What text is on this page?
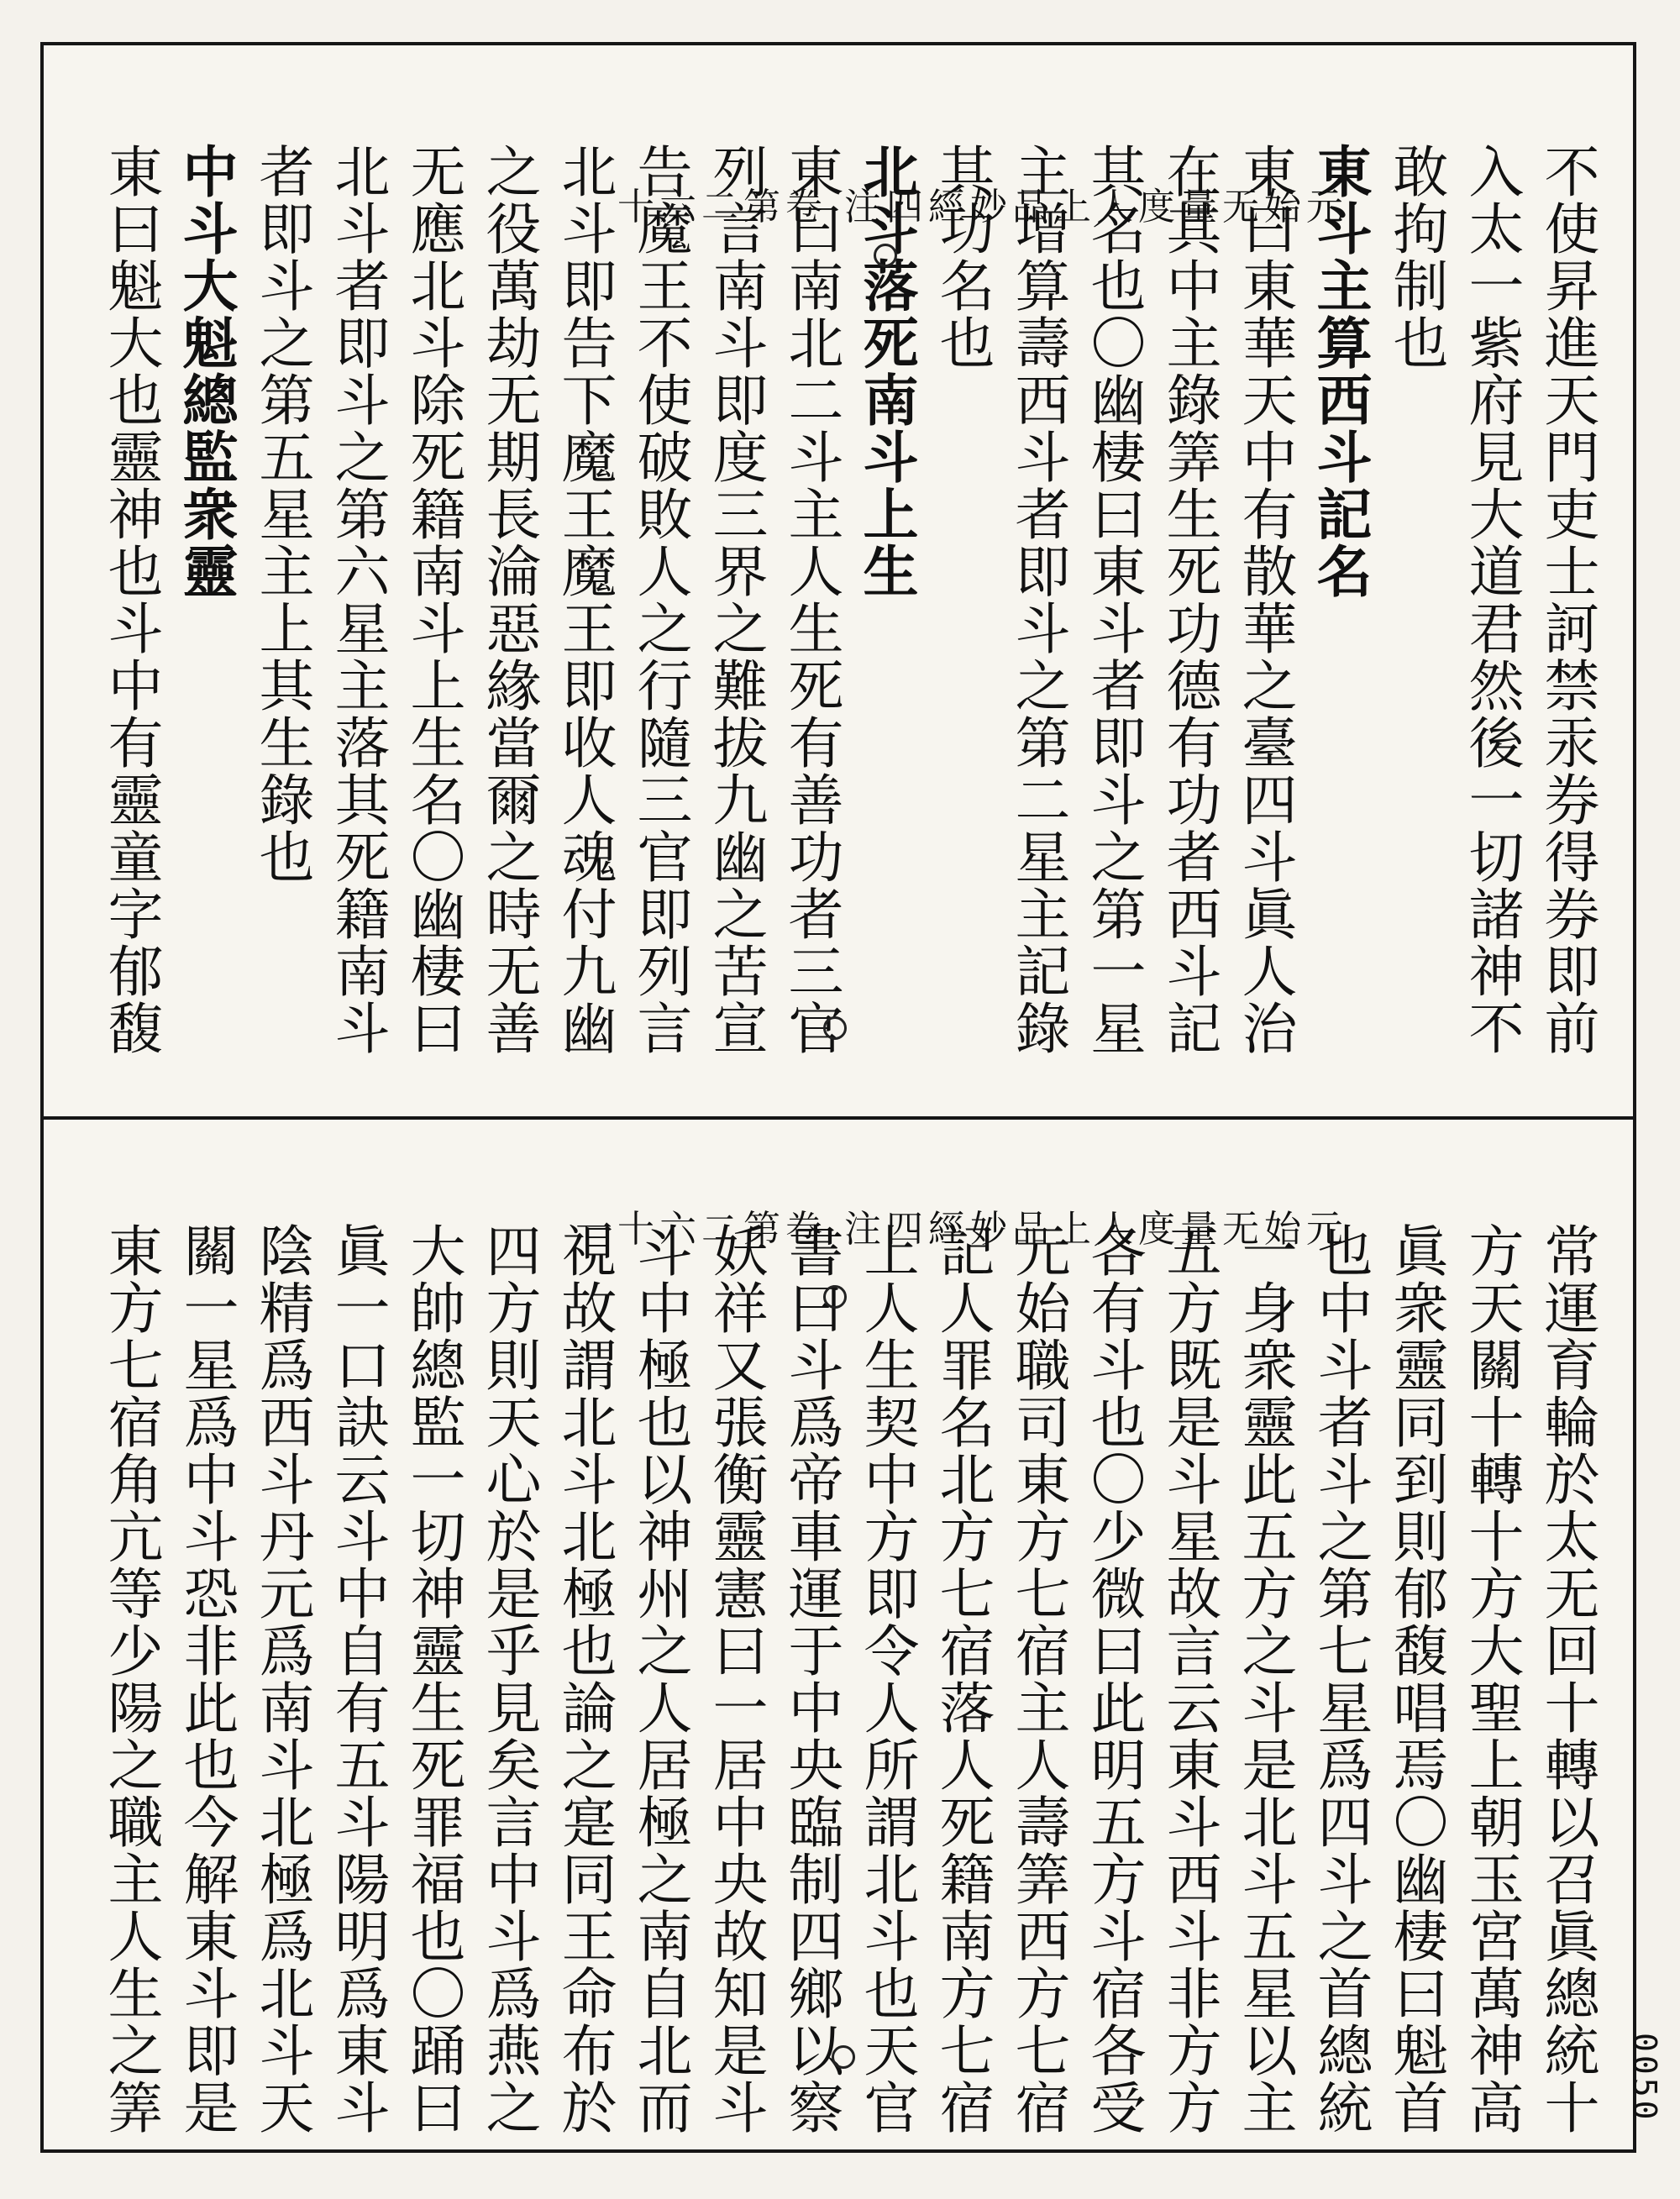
元始无量度人上品妙經四注 卷第二六十
元始无量度人上品妙經四注 卷第二六十一
不使昇進天門吏士訶禁汞券得券即前
入太一紫府見大道君然後一切諸神不
敢拘制也
東斗主算西斗記名
東曰東華天中有散華之臺四斗眞人治
在其中主錄筭生死功德有功者西斗記
其名也〇幽棲曰東斗者即斗之第一星
主增算壽西斗者即斗之第二星主記錄
其功名也
北斗落死南斗上生
東曰南北二斗主人生死有善功者三官
列言南斗即度三界之難拔九幽之苦宣
告魔王不使破敗人之行隨三官即列言
北斗即告下魔王魔王即收人魂付九幽
之役萬劫无期長淪惡緣當爾之時无善
无應北斗除死籍南斗上生名〇幽棲曰
北斗者即斗之第六星主落其死籍南斗
者即斗之第五星主上其生錄也
中斗大魁總監衆靈
東曰魁大也靈神也斗中有靈童字郁馥
常運育輪於太无回十轉以召眞總統十
方天關十轉十方大聖上朝玉宮萬神高
眞衆靈同到則郁馥唱焉〇幽棲曰魁首
也中斗者斗之第七星爲四斗之首總統
一身衆靈此五方之斗是北斗五星以主
五方既是斗星故言云東斗西斗非方方
各有斗也〇少微曰此明五方斗宿各受
元始職司東方七宿主人壽筭西方七宿
記人罪名北方七宿落人死籍南方七宿
上人生契中方即令人所謂北斗也天官
書曰斗爲帝車運于中央臨制四鄉以察
妖祥又張衡靈憲曰一居中央故知是斗
斗中極也以神州之人居極之南自北而
視故謂北斗北極也論之寔同王命布於
四方則天心於是乎見矣言中斗爲燕之
大帥總監一切神靈生死罪福也〇踊曰
眞一口訣云斗中自有五斗陽明爲東斗
陰精爲西斗丹元爲南斗北極爲北斗天
關一星爲中斗恐非此也今解東斗即是
東方七宿角亢等少陽之職主人生之筭	0050
